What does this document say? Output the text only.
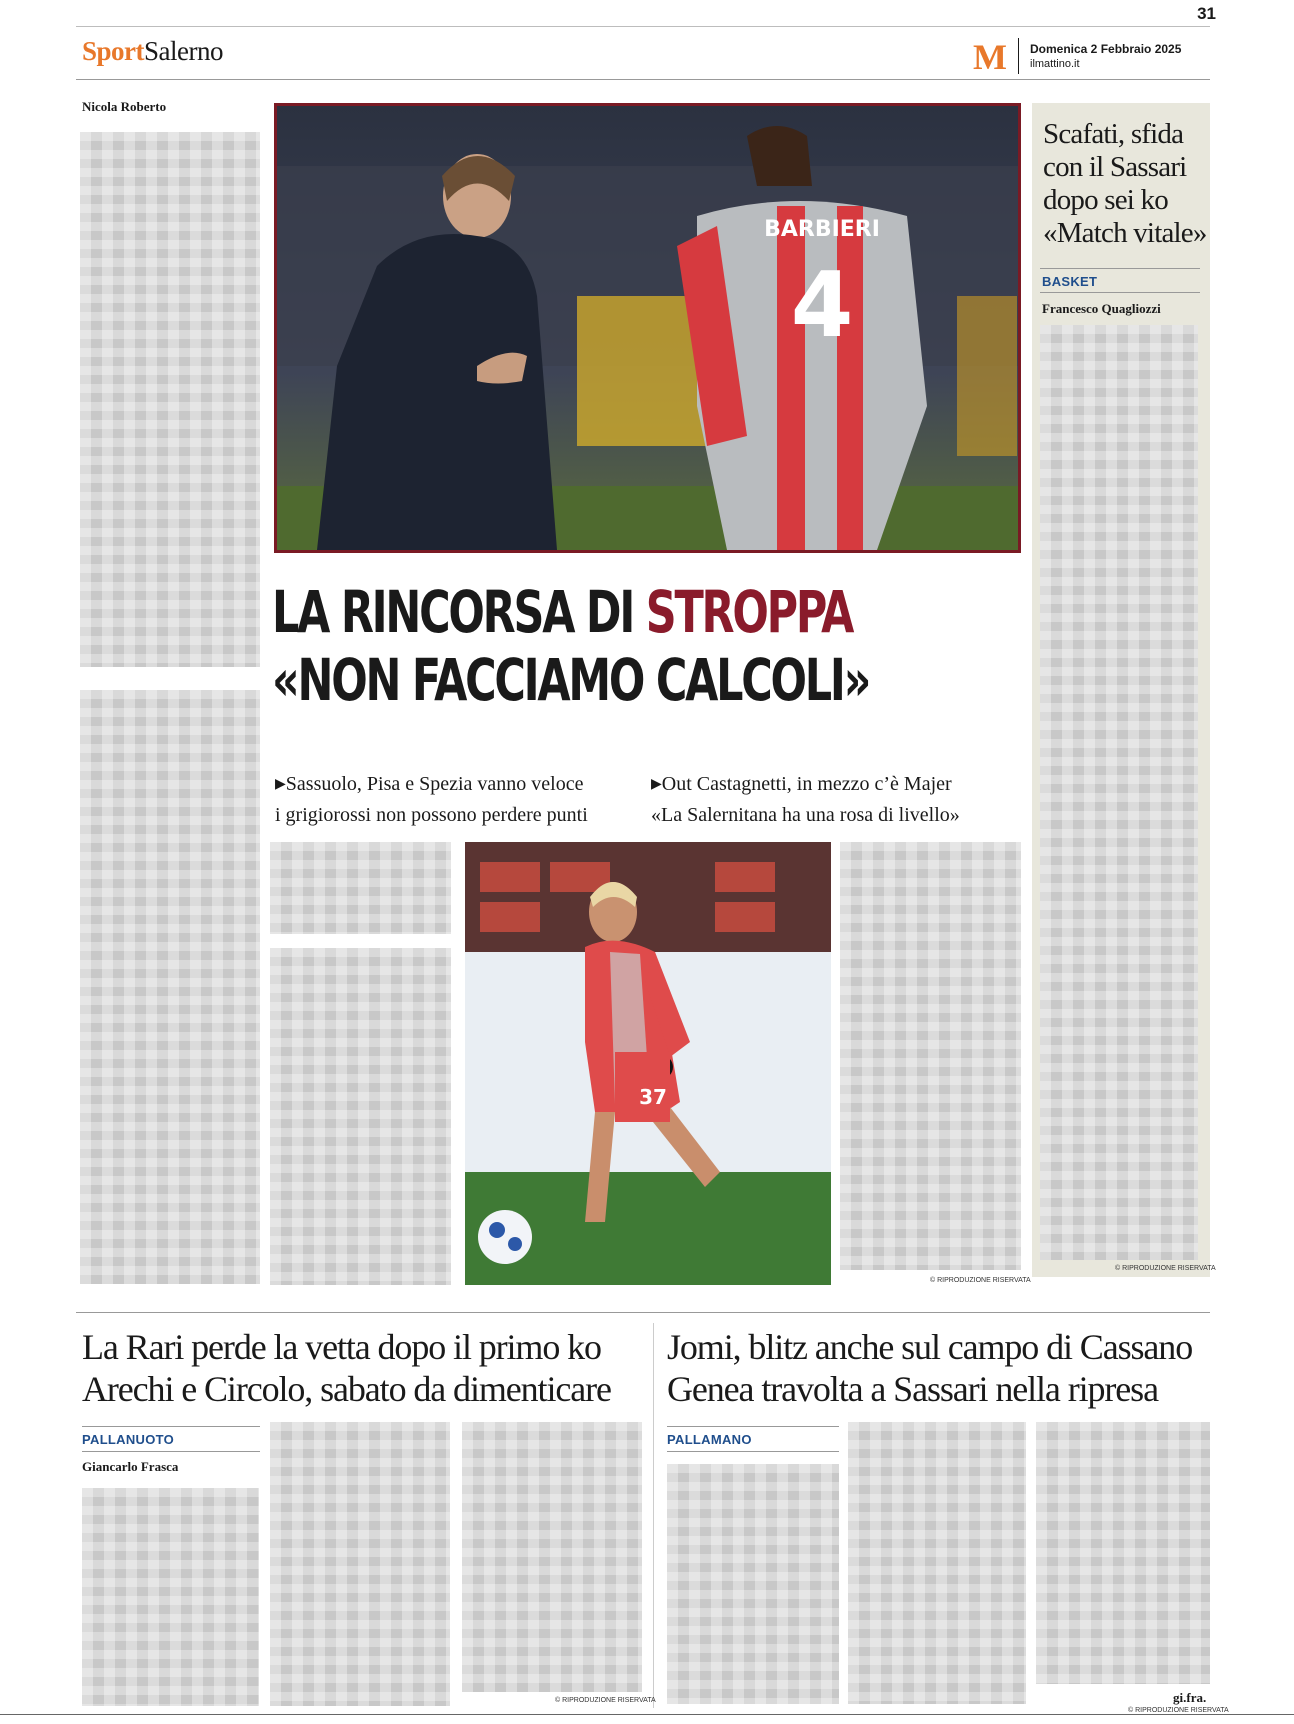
31
SportSalerno	M Domenica 2 Febbraio 2025
ilmattino.it
Nicola Roberto
BARBIERI
4
LA RINCORSA DI STROPPA
«NON FACCIAMO CALCOLI»
▶Sassuolo, Pisa e Spezia vanno veloce
i grigiorossi non possono perdere punti
▶Out Castagnetti, in mezzo c’è Majer
«La Salernitana ha una rosa di livello»
37
© RIPRODUZIONE RISERVATA
Scafati, sfida con il Sassari dopo sei ko «Match vitale»
BASKET
Francesco Quagliozzi
© RIPRODUZIONE RISERVATA
La Rari perde la vetta dopo il primo ko
Arechi e Circolo, sabato da dimenticare
PALLANUOTO
Giancarlo Frasca
© RIPRODUZIONE RISERVATA
Jomi, blitz anche sul campo di Cassano
Genea travolta a Sassari nella ripresa
PALLAMANO
gi.fra.
© RIPRODUZIONE RISERVATA
